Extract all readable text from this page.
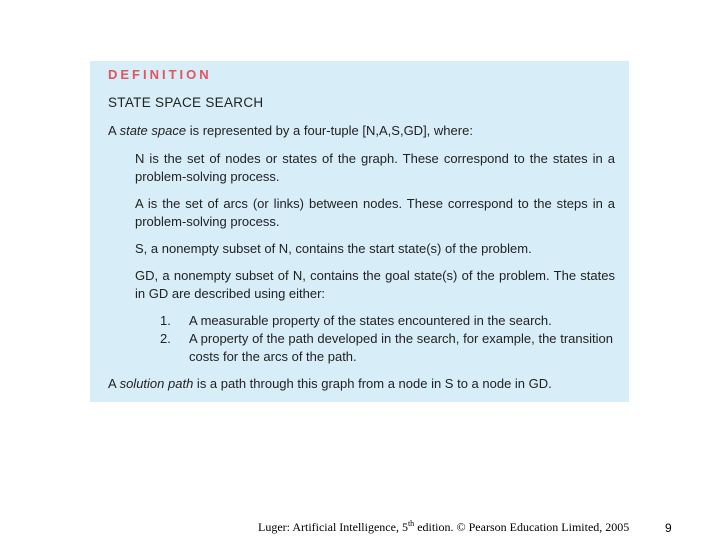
DEFINITION
STATE SPACE SEARCH
A state space is represented by a four-tuple [N,A,S,GD], where:
N is the set of nodes or states of the graph. These correspond to the states in a problem-solving process.
A is the set of arcs (or links) between nodes. These correspond to the steps in a problem-solving process.
S, a nonempty subset of N, contains the start state(s) of the problem.
GD, a nonempty subset of N, contains the goal state(s) of the problem. The states in GD are described using either:
1. A measurable property of the states encountered in the search.
2. A property of the path developed in the search, for example, the transition costs for the arcs of the path.
A solution path is a path through this graph from a node in S to a node in GD.
Luger: Artificial Intelligence, 5th edition. © Pearson Education Limited, 2005	9
